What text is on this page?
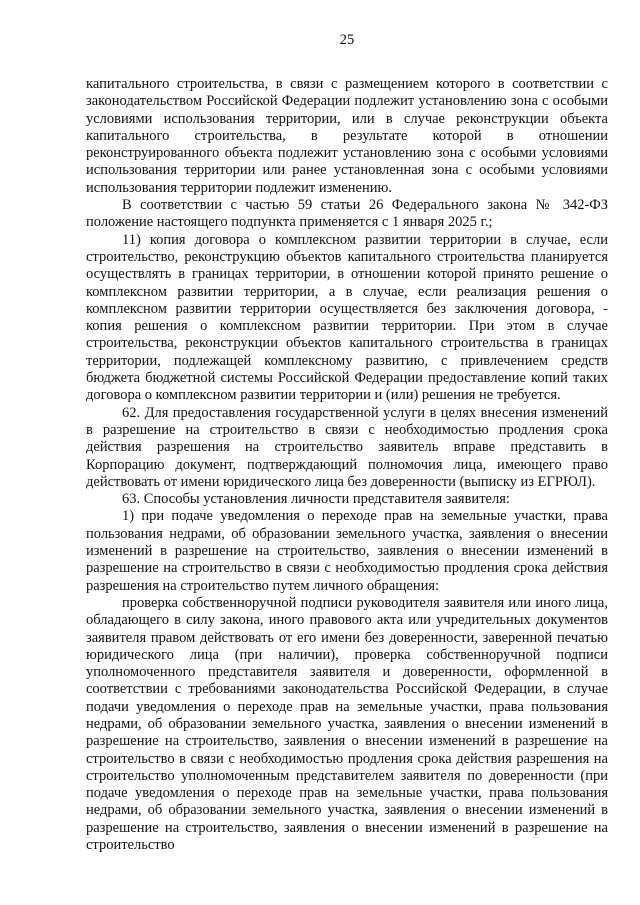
25

капитального строительства, в связи с размещением которого в соответствии с законодательством Российской Федерации подлежит установлению зона с особыми условиями использования территории, или в случае реконструкции объекта капитального строительства, в результате которой в отношении реконструированного объекта подлежит установлению зона с особыми условиями использования территории или ранее установленная зона с особыми условиями использования территории подлежит изменению.

В соответствии с частью 59 статьи 26 Федерального закона № 342-ФЗ положение настоящего подпункта применяется с 1 января 2025 г.;

11) копия договора о комплексном развитии территории в случае, если строительство, реконструкцию объектов капитального строительства планируется осуществлять в границах территории, в отношении которой принято решение о комплексном развитии территории, а в случае, если реализация решения о комплексном развитии территории осуществляется без заключения договора, - копия решения о комплексном развитии территории. При этом в случае строительства, реконструкции объектов капитального строительства в границах территории, подлежащей комплексному развитию, с привлечением средств бюджета бюджетной системы Российской Федерации предоставление копий таких договора о комплексном развитии территории и (или) решения не требуется.

62. Для предоставления государственной услуги в целях внесения изменений в разрешение на строительство в связи с необходимостью продления срока действия разрешения на строительство заявитель вправе представить в Корпорацию документ, подтверждающий полномочия лица, имеющего право действовать от имени юридического лица без доверенности (выписку из ЕГРЮЛ).

63. Способы установления личности представителя заявителя:

1) при подаче уведомления о переходе прав на земельные участки, права пользования недрами, об образовании земельного участка, заявления о внесении изменений в разрешение на строительство, заявления о внесении изменений в разрешение на строительство в связи с необходимостью продления срока действия разрешения на строительство путем личного обращения:

проверка собственноручной подписи руководителя заявителя или иного лица, обладающего в силу закона, иного правового акта или учредительных документов заявителя правом действовать от его имени без доверенности, заверенной печатью юридического лица (при наличии), проверка собственноручной подписи уполномоченного представителя заявителя и доверенности, оформленной в соответствии с требованиями законодательства Российской Федерации, в случае подачи уведомления о переходе прав на земельные участки, права пользования недрами, об образовании земельного участка, заявления о внесении изменений в разрешение на строительство, заявления о внесении изменений в разрешение на строительство в связи с необходимостью продления срока действия разрешения на строительство уполномоченным представителем заявителя по доверенности (при подаче уведомления о переходе прав на земельные участки, права пользования недрами, об образовании земельного участка, заявления о внесении изменений в разрешение на строительство, заявления о внесении изменений в разрешение на строительство
